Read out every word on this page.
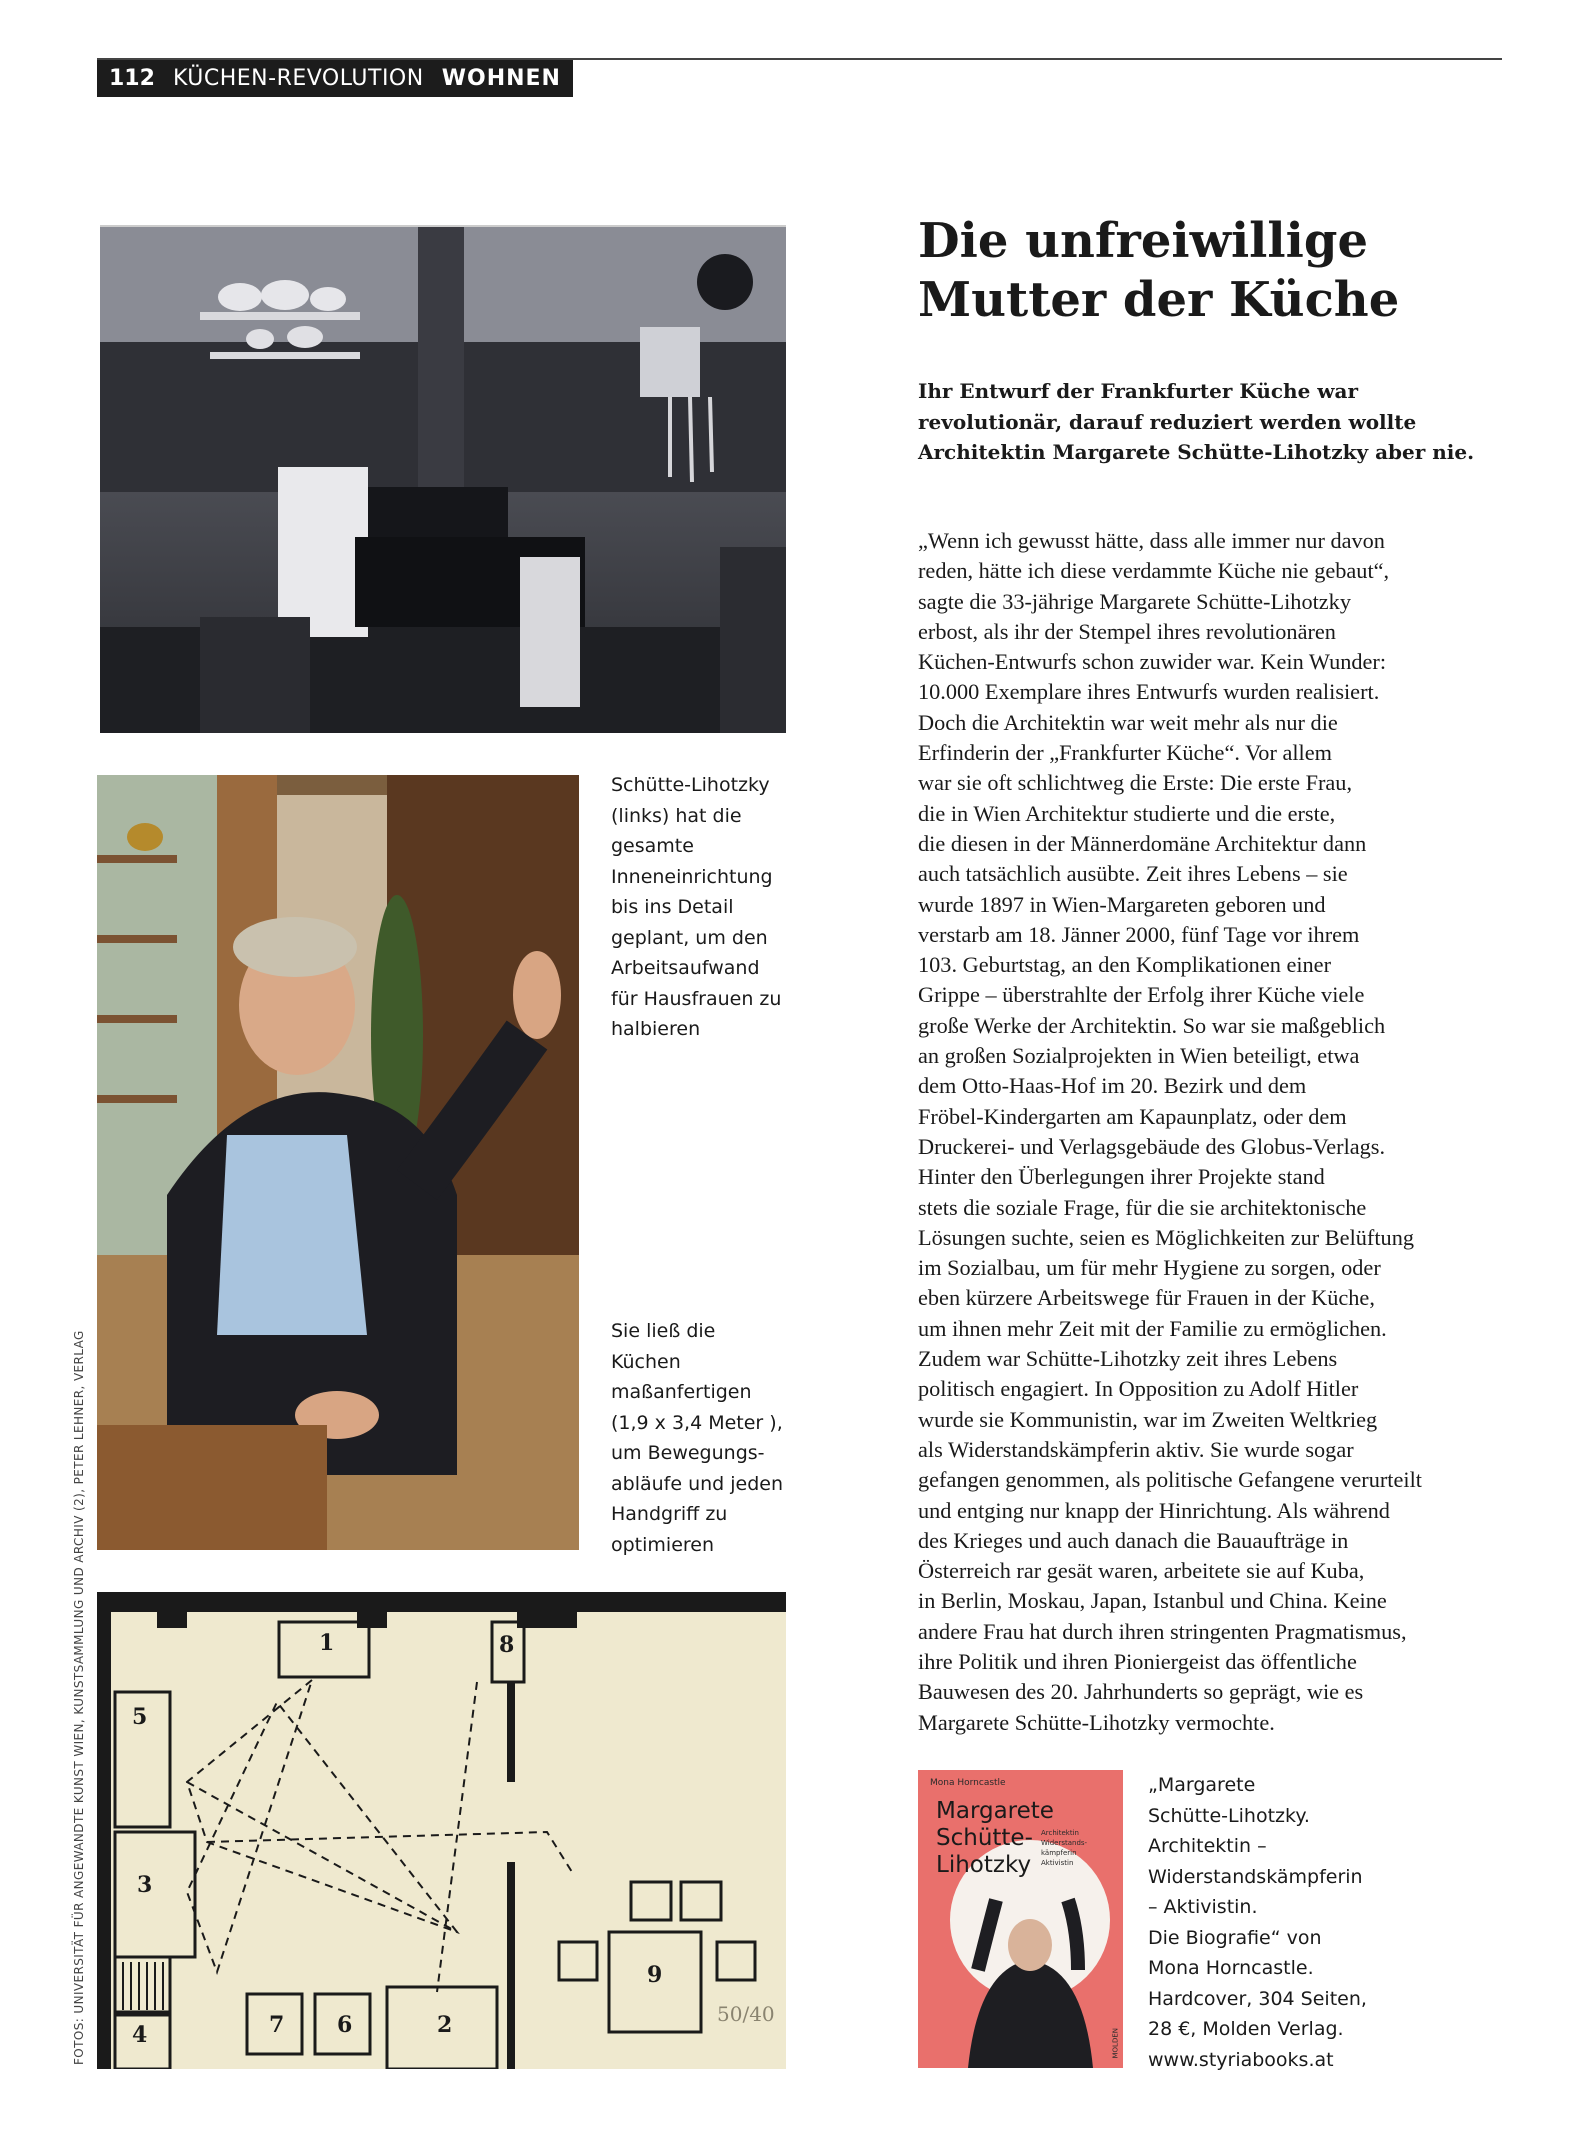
112 KÜCHEN-REVOLUTION WOHNEN
FOTOS: UNIVERSITÄT FÜR ANGEWANDTE KUNST WIEN, KUNSTSAMMLUNG UND ARCHIV (2), PETER LEHNER, VERLAG
Schütte-Lihotzky
(links) hat die
gesamte
Inneneinrichtung
bis ins Detail
geplant, um den
Arbeitsaufwand
für Hausfrauen zu
halbieren
Sie ließ die
Küchen
maßanfertigen
(1,9 x 3,4 Meter ),
um Bewegungs-
abläufe und jeden
Handgriff zu
optimieren
1
2
3
4
5
6
7
8
9
50/40
Die unfreiwillige
Mutter der Küche
Ihr Entwurf der Frankfurter Küche war
revolutionär, darauf reduziert werden wollte
Architektin Margarete Schütte-Lihotzky aber nie.
„Wenn ich gewusst hätte, dass alle immer nur davon
reden, hätte ich diese verdammte Küche nie gebaut“,
sagte die 33-jährige Margarete Schütte-Lihotzky
erbost, als ihr der Stempel ihres revolutionären
Küchen-Entwurfs schon zuwider war. Kein Wunder:
10.000 Exemplare ihres Entwurfs wurden realisiert.
Doch die Architektin war weit mehr als nur die
Erfinderin der „Frankfurter Küche“. Vor allem
war sie oft schlichtweg die Erste: Die erste Frau,
die in Wien Architektur studierte und die erste,
die diesen in der Männerdomäne Architektur dann
auch tatsächlich ausübte. Zeit ihres Lebens – sie
wurde 1897 in Wien-Margareten geboren und
verstarb am 18. Jänner 2000, fünf Tage vor ihrem
103. Geburtstag, an den Komplikationen einer
Grippe – überstrahlte der Erfolg ihrer Küche viele
große Werke der Architektin. So war sie maßgeblich
an großen Sozialprojekten in Wien beteiligt, etwa
dem Otto-Haas-Hof im 20. Bezirk und dem
Fröbel-Kindergarten am Kapaunplatz, oder dem
Druckerei- und Verlagsgebäude des Globus-Verlags.
Hinter den Überlegungen ihrer Projekte stand
stets die soziale Frage, für die sie architektonische
Lösungen suchte, seien es Möglichkeiten zur Belüftung
im Sozialbau, um für mehr Hygiene zu sorgen, oder
eben kürzere Arbeitswege für Frauen in der Küche,
um ihnen mehr Zeit mit der Familie zu ermöglichen.
Zudem war Schütte-Lihotzky zeit ihres Lebens
politisch engagiert. In Opposition zu Adolf Hitler
wurde sie Kommunistin, war im Zweiten Weltkrieg
als Widerstandskämpferin aktiv. Sie wurde sogar
gefangen genommen, als politische Gefangene verurteilt
und entging nur knapp der Hinrichtung. Als während
des Krieges und auch danach die Bauaufträge in
Österreich rar gesät waren, arbeitete sie auf Kuba,
in Berlin, Moskau, Japan, Istanbul und China. Keine
andere Frau hat durch ihren stringenten Pragmatismus,
ihre Politik und ihren Pioniergeist das öffentliche
Bauwesen des 20. Jahrhunderts so geprägt, wie es
Margarete Schütte-Lihotzky vermochte.
Mona Horncastle
Margarete
Schütte-
Lihotzky
Architektin
Widerstands-
kämpferin
Aktivistin
MOLDEN
„Margarete
Schütte-Lihotzky.
Architektin –
Widerstandskämpferin
– Aktivistin.
Die Biografie“ von
Mona Horncastle.
Hardcover, 304 Seiten,
28 €, Molden Verlag.
www.styriabooks.at
